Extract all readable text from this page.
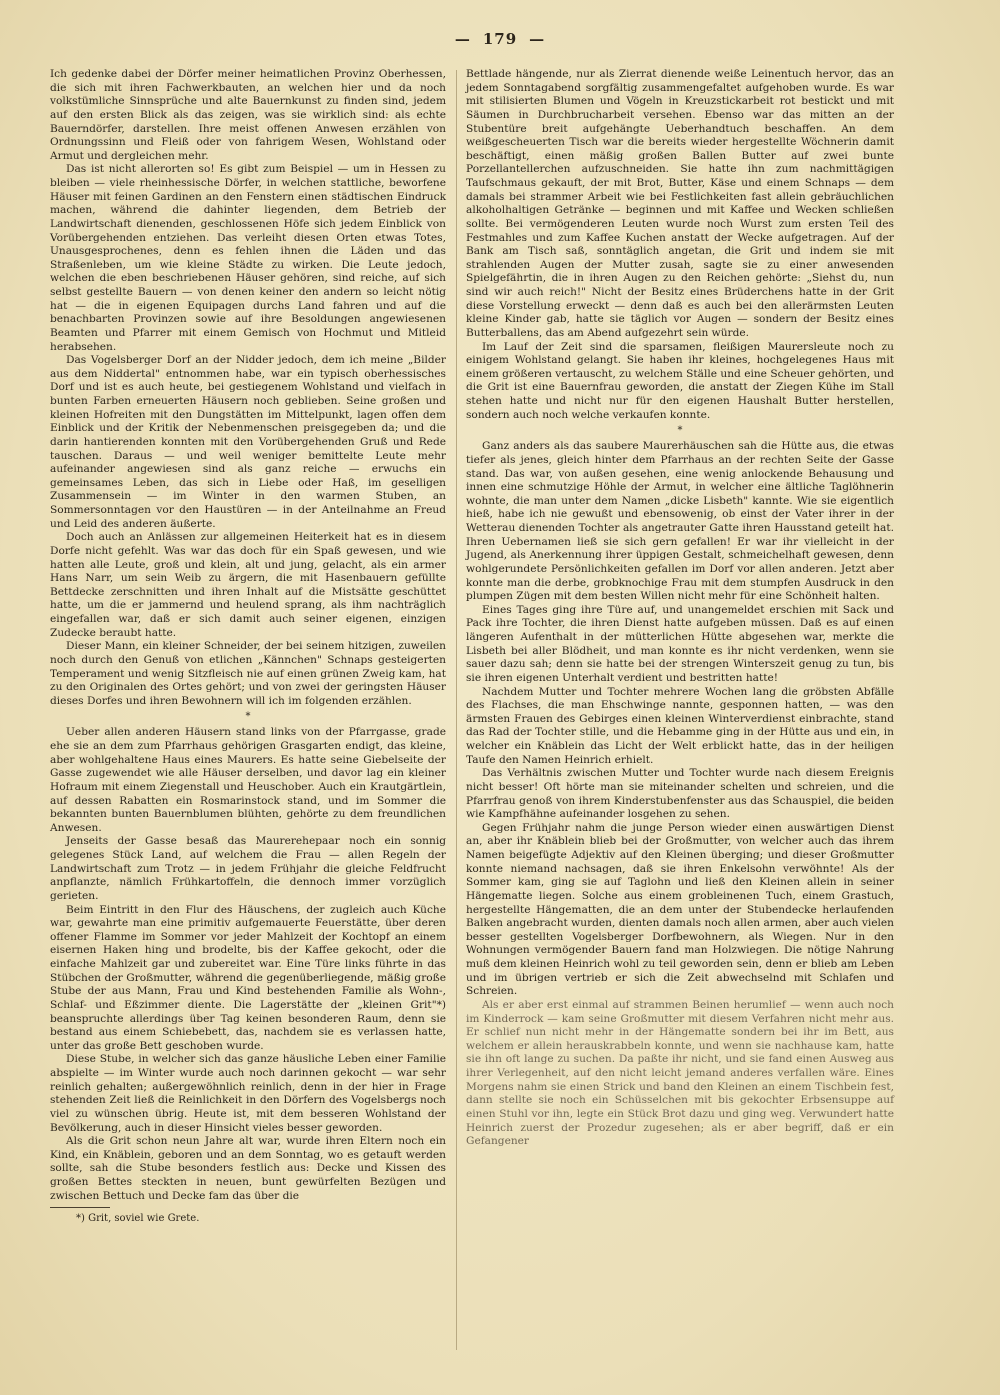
— 179 —

Ich gedenke dabei der Dörfer meiner heimatlichen Provinz Oberhessen, die sich mit ihren Fachwerkbauten, an welchen hier und da noch volkstümliche Sinnsprüche und alte Bauernkunst zu finden sind, jedem auf den ersten Blick als das zeigen, was sie wirklich sind: als echte Bauerndörfer, darstellen. Ihre meist offenen Anwesen erzählen von Ordnungssinn und Fleiß oder von fahrigem Wesen, Wohlstand oder Armut und dergleichen mehr.

Das ist nicht allerorten so! Es gibt zum Beispiel — um in Hessen zu bleiben — viele rheinhessische Dörfer, in welchen stattliche, beworfene Häuser mit feinen Gardinen an den Fenstern einen städtischen Eindruck machen, während die dahinter liegenden, dem Betrieb der Landwirtschaft dienenden, geschlossenen Höfe sich jedem Einblick von Vorübergehenden entziehen. Das verleiht diesen Orten etwas Totes, Unausgesprochenes, denn es fehlen ihnen die Läden und das Straßenleben, um wie kleine Städte zu wirken. Die Leute jedoch, welchen die eben beschriebenen Häuser gehören, sind reiche, auf sich selbst gestellte Bauern — von denen keiner den andern so leicht nötig hat — die in eigenen Equipagen durchs Land fahren und auf die benachbarten Provinzen sowie auf ihre Besoldungen angewiesenen Beamten und Pfarrer mit einem Gemisch von Hochmut und Mitleid herabsehen.

Das Vogelsberger Dorf an der Nidder jedoch, dem ich meine „Bilder aus dem Niddertal" entnommen habe, war ein typisch oberhessisches Dorf und ist es auch heute, bei gestiegenem Wohlstand und vielfach in bunten Farben erneuerten Häusern noch geblieben. Seine großen und kleinen Hofreiten mit den Dungstätten im Mittelpunkt, lagen offen dem Einblick und der Kritik der Nebenmenschen preisgegeben da; und die darin hantierenden konnten mit den Vorübergehenden Gruß und Rede tauschen. Daraus — und weil weniger bemittelte Leute mehr aufeinander angewiesen sind als ganz reiche — erwuchs ein gemeinsames Leben, das sich in Liebe oder Haß, im geselligen Zusammensein — im Winter in den warmen Stuben, an Sommersonntagen vor den Haustüren — in der Anteilnahme an Freud und Leid des anderen äußerte.

Doch auch an Anlässen zur allgemeinen Heiterkeit hat es in diesem Dorfe nicht gefehlt. Was war das doch für ein Spaß gewesen, und wie hatten alle Leute, groß und klein, alt und jung, gelacht, als ein armer Hans Narr, um sein Weib zu ärgern, die mit Hasenbauern gefüllte Bettdecke zerschnitten und ihren Inhalt auf die Mistsätte geschüttet hatte, um die er jammernd und heulend sprang, als ihm nachträglich eingefallen war, daß er sich damit auch seiner eigenen, einzigen Zudecke beraubt hatte.

Dieser Mann, ein kleiner Schneider, der bei seinem hitzigen, zuweilen noch durch den Genuß von etlichen „Kännchen" Schnaps gesteigerten Temperament und wenig Sitzfleisch nie auf einen grünen Zweig kam, hat zu den Originalen des Ortes gehört; und von zwei der geringsten Häuser dieses Dorfes und ihren Bewohnern will ich im folgenden erzählen.

*

Ueber allen anderen Häusern stand links von der Pfarrgasse, grade ehe sie an dem zum Pfarrhaus gehörigen Grasgarten endigt, das kleine, aber wohlgehaltene Haus eines Maurers. Es hatte seine Giebelseite der Gasse zugewendet wie alle Häuser derselben, und davor lag ein kleiner Hofraum mit einem Ziegenstall und Heuschober. Auch ein Krautgärtlein, auf dessen Rabatten ein Rosmarinstock stand, und im Sommer die bekannten bunten Bauernblumen blühten, gehörte zu dem freundlichen Anwesen.

Jenseits der Gasse besaß das Maurerehepaar noch ein sonnig gelegenes Stück Land, auf welchem die Frau — allen Regeln der Landwirtschaft zum Trotz — in jedem Frühjahr die gleiche Feldfrucht anpflanzte, nämlich Frühkartoffeln, die dennoch immer vorzüglich gerieten.

Beim Eintritt in den Flur des Häuschens, der zugleich auch Küche war, gewahrte man eine primitiv aufgemauerte Feuerstätte, über deren offener Flamme im Sommer vor jeder Mahlzeit der Kochtopf an einem eisernen Haken hing und brodelte, bis der Kaffee gekocht, oder die einfache Mahlzeit gar und zubereitet war. Eine Türe links führte in das Stübchen der Großmutter, während die gegenüberliegende, mäßig große Stube der aus Mann, Frau und Kind bestehenden Familie als Wohn-, Schlaf- und Eßzimmer diente. Die Lagerstätte der „kleinen Grit"*) beanspruchte allerdings über Tag keinen besonderen Raum, denn sie bestand aus einem Schiebebett, das, nachdem sie es verlassen hatte, unter das große Bett geschoben wurde.

Diese Stube, in welcher sich das ganze häusliche Leben einer Familie abspielte — im Winter wurde auch noch darinnen gekocht — war sehr reinlich gehalten; außergewöhnlich reinlich, denn in der hier in Frage stehenden Zeit ließ die Reinlichkeit in den Dörfern des Vogelsbergs noch viel zu wünschen übrig. Heute ist, mit dem besseren Wohlstand der Bevölkerung, auch in dieser Hinsicht vieles besser geworden.

Als die Grit schon neun Jahre alt war, wurde ihren Eltern noch ein Kind, ein Knäblein, geboren und an dem Sonntag, wo es getauft werden sollte, sah die Stube besonders festlich aus: Decke und Kissen des großen Bettes steckten in neuen, bunt gewürfelten Bezügen und zwischen Bettuch und Decke fam das über die

*) Grit, soviel wie Grete.

Bettlade hängende, nur als Zierrat dienende weiße Leinentuch hervor, das an jedem Sonntagabend sorgfältig zusammengefaltet aufgehoben wurde. Es war mit stilisierten Blumen und Vögeln in Kreuzstickarbeit rot bestickt und mit Säumen in Durchbrucharbeit versehen. Ebenso war das mitten an der Stubentüre breit aufgehängte Ueberhandtuch beschaffen. An dem weißgescheuerten Tisch war die bereits wieder hergestellte Wöchnerin damit beschäftigt, einen mäßig großen Ballen Butter auf zwei bunte Porzellantellerchen aufzuschneiden. Sie hatte ihn zum nachmittägigen Taufschmaus gekauft, der mit Brot, Butter, Käse und einem Schnaps — dem damals bei strammer Arbeit wie bei Festlichkeiten fast allein gebräuchlichen alkoholhaltigen Getränke — beginnen und mit Kaffee und Wecken schließen sollte. Bei vermögenderen Leuten wurde noch Wurst zum ersten Teil des Festmahles und zum Kaffee Kuchen anstatt der Wecke aufgetragen. Auf der Bank am Tisch saß, sonntäglich angetan, die Grit und indem sie mit strahlenden Augen der Mutter zusah, sagte sie zu einer anwesenden Spielgefährtin, die in ihren Augen zu den Reichen gehörte: „Siehst du, nun sind wir auch reich!" Nicht der Besitz eines Brüderchens hatte in der Grit diese Vorstellung erweckt — denn daß es auch bei den allerärmsten Leuten kleine Kinder gab, hatte sie täglich vor Augen — sondern der Besitz eines Butterballens, das am Abend aufgezehrt sein würde.

Im Lauf der Zeit sind die sparsamen, fleißigen Maurersleute noch zu einigem Wohlstand gelangt. Sie haben ihr kleines, hochgelegenes Haus mit einem größeren vertauscht, zu welchem Ställe und eine Scheuer gehörten, und die Grit ist eine Bauernfrau geworden, die anstatt der Ziegen Kühe im Stall stehen hatte und nicht nur für den eigenen Haushalt Butter herstellen, sondern auch noch welche verkaufen konnte.

*

Ganz anders als das saubere Maurerhäuschen sah die Hütte aus, die etwas tiefer als jenes, gleich hinter dem Pfarrhaus an der rechten Seite der Gasse stand. Das war, von außen gesehen, eine wenig anlockende Behausung und innen eine schmutzige Höhle der Armut, in welcher eine ältliche Taglöhnerin wohnte, die man unter dem Namen „dicke Lisbeth" kannte. Wie sie eigentlich hieß, habe ich nie gewußt und ebensowenig, ob einst der Vater ihrer in der Wetterau dienenden Tochter als angetrauter Gatte ihren Hausstand geteilt hat. Ihren Uebernamen ließ sie sich gern gefallen! Er war ihr vielleicht in der Jugend, als Anerkennung ihrer üppigen Gestalt, schmeichelhaft gewesen, denn wohlgerundete Persönlichkeiten gefallen im Dorf vor allen anderen. Jetzt aber konnte man die derbe, grobknochige Frau mit dem stumpfen Ausdruck in den plumpen Zügen mit dem besten Willen nicht mehr für eine Schönheit halten.

Eines Tages ging ihre Türe auf, und unangemeldet erschien mit Sack und Pack ihre Tochter, die ihren Dienst hatte aufgeben müssen. Daß es auf einen längeren Aufenthalt in der mütterlichen Hütte abgesehen war, merkte die Lisbeth bei aller Blödheit, und man konnte es ihr nicht verdenken, wenn sie sauer dazu sah; denn sie hatte bei der strengen Winterszeit genug zu tun, bis sie ihren eigenen Unterhalt verdient und bestritten hatte!

Nachdem Mutter und Tochter mehrere Wochen lang die gröbsten Abfälle des Flachses, die man Ehschwinge nannte, gesponnen hatten, — was den ärmsten Frauen des Gebirges einen kleinen Winterverdienst einbrachte, stand das Rad der Tochter stille, und die Hebamme ging in der Hütte aus und ein, in welcher ein Knäblein das Licht der Welt erblickt hatte, das in der heiligen Taufe den Namen Heinrich erhielt.

Das Verhältnis zwischen Mutter und Tochter wurde nach diesem Ereignis nicht besser! Oft hörte man sie miteinander schelten und schreien, und die Pfarrfrau genoß von ihrem Kinderstubenfenster aus das Schauspiel, die beiden wie Kampfhähne aufeinander losgehen zu sehen.

Gegen Frühjahr nahm die junge Person wieder einen auswärtigen Dienst an, aber ihr Knäblein blieb bei der Großmutter, von welcher auch das ihrem Namen beigefügte Adjektiv auf den Kleinen überging; und dieser Großmutter konnte niemand nachsagen, daß sie ihren Enkelsohn verwöhnte! Als der Sommer kam, ging sie auf Taglohn und ließ den Kleinen allein in seiner Hängematte liegen. Solche aus einem grobleinenen Tuch, einem Grastuch, hergestellte Hängematten, die an dem unter der Stubendecke herlaufenden Balken angebracht wurden, dienten damals noch allen armen, aber auch vielen besser gestellten Vogelsberger Dorfbewohnern, als Wiegen. Nur in den Wohnungen vermögender Bauern fand man Holzwiegen. Die nötige Nahrung muß dem kleinen Heinrich wohl zu teil geworden sein, denn er blieb am Leben und im übrigen vertrieb er sich die Zeit abwechselnd mit Schlafen und Schreien.

Als er aber erst einmal auf strammen Beinen herumlief — wenn auch noch im Kinderrock — kam seine Großmutter mit diesem Verfahren nicht mehr aus. Er schlief nun nicht mehr in der Hängematte sondern bei ihr im Bett, aus welchem er allein herauskrabbeln konnte, und wenn sie nachhause kam, hatte sie ihn oft lange zu suchen. Da paßte ihr nicht, und sie fand einen Ausweg aus ihrer Verlegenheit, auf den nicht leicht jemand anderes verfallen wäre. Eines Morgens nahm sie einen Strick und band den Kleinen an einem Tischbein fest, dann stellte sie noch ein Schüsselchen mit bis gekochter Erbsensuppe auf einen Stuhl vor ihn, legte ein Stück Brot dazu und ging weg. Verwundert hatte Heinrich zuerst der Prozedur zugesehen; als er aber begriff, daß er ein Gefangener
